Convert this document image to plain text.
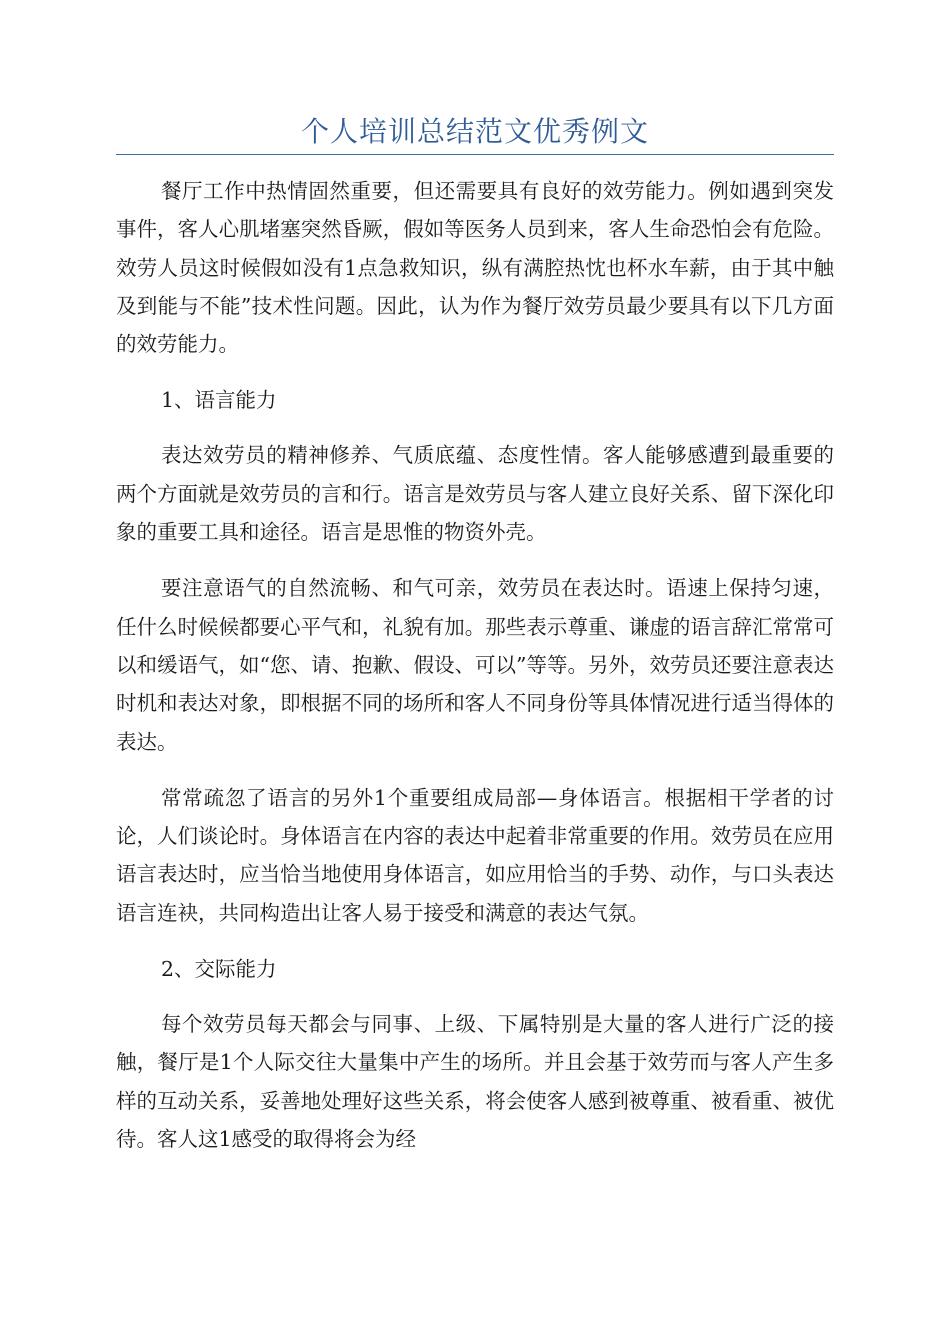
个人培训总结范文优秀例文

餐厅工作中热情固然重要，但还需要具有良好的效劳能力。例如遇到突发事件，客人心肌堵塞突然昏厥，假如等医务人员到来，客人生命恐怕会有危险。效劳人员这时候假如没有1点急救知识，纵有满腔热忱也杯水车薪，由于其中触及到能与不能”技术性问题。因此，认为作为餐厅效劳员最少要具有以下几方面的效劳能力。

1、语言能力

表达效劳员的精神修养、气质底蕴、态度性情。客人能够感遭到最重要的两个方面就是效劳员的言和行。语言是效劳员与客人建立良好关系、留下深化印象的重要工具和途径。语言是思惟的物资外壳。

要注意语气的自然流畅、和气可亲，效劳员在表达时。语速上保持匀速，任什么时候候都要心平气和，礼貌有加。那些表示尊重、谦虚的语言辞汇常常可以和缓语气，如“您、请、抱歉、假设、可以”等等。另外，效劳员还要注意表达时机和表达对象，即根据不同的场所和客人不同身份等具体情况进行适当得体的表达。

常常疏忽了语言的另外1个重要组成局部—身体语言。根据相干学者的讨论，人们谈论时。身体语言在内容的表达中起着非常重要的作用。效劳员在应用语言表达时，应当恰当地使用身体语言，如应用恰当的手势、动作，与口头表达语言连袂，共同构造出让客人易于接受和满意的表达气氛。

2、交际能力

每个效劳员每天都会与同事、上级、下属特别是大量的客人进行广泛的接触，餐厅是1个人际交往大量集中产生的场所。并且会基于效劳而与客人产生多样的互动关系，妥善地处理好这些关系，将会使客人感到被尊重、被看重、被优待。客人这1感受的取得将会为经
